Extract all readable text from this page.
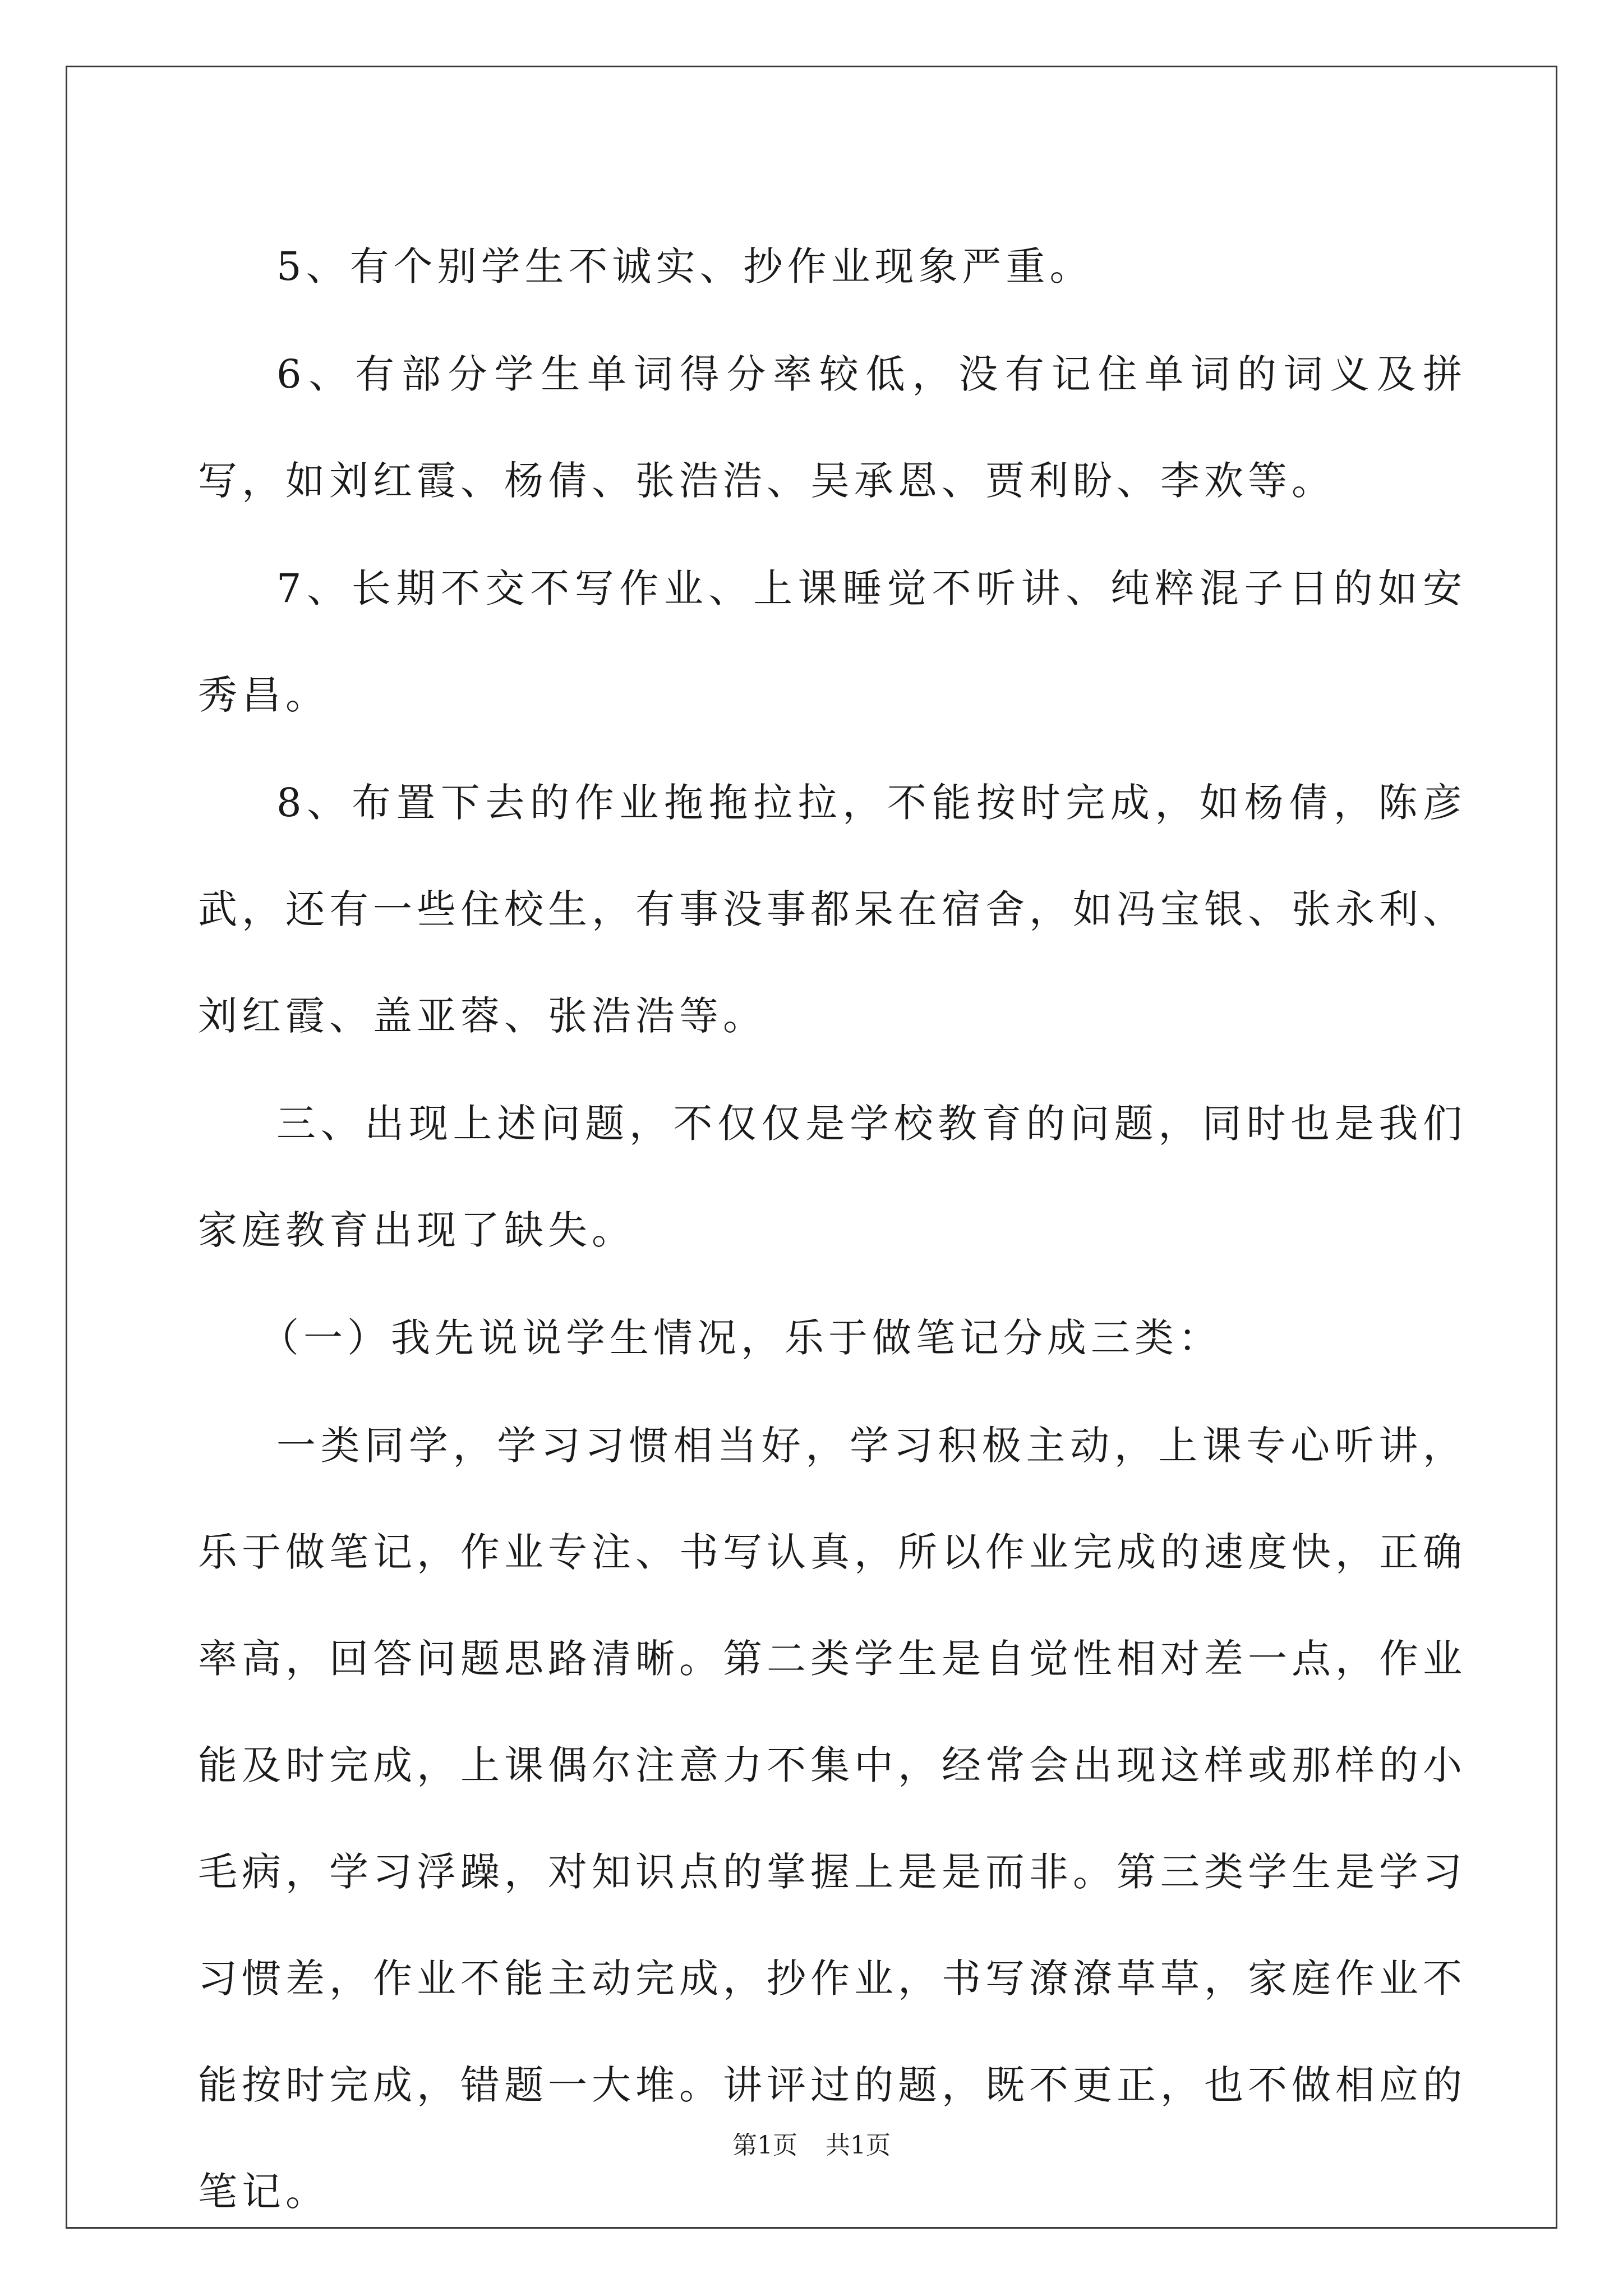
5、有个别学生不诚实、抄作业现象严重。

6、有部分学生单词得分率较低，没有记住单词的词义及拼写，如刘红霞、杨倩、张浩浩、吴承恩、贾利盼、李欢等。

7、长期不交不写作业、上课睡觉不听讲、纯粹混子日的如安秀昌。

8、布置下去的作业拖拖拉拉，不能按时完成，如杨倩，陈彦武，还有一些住校生，有事没事都呆在宿舍，如冯宝银、张永利、刘红霞、盖亚蓉、张浩浩等。

三、出现上述问题，不仅仅是学校教育的问题，同时也是我们家庭教育出现了缺失。

（一）我先说说学生情况，乐于做笔记分成三类：

一类同学，学习习惯相当好，学习积极主动，上课专心听讲，乐于做笔记，作业专注、书写认真，所以作业完成的速度快，正确率高，回答问题思路清晰。第二类学生是自觉性相对差一点，作业能及时完成，上课偶尔注意力不集中，经常会出现这样或那样的小毛病，学习浮躁，对知识点的掌握上是是而非。第三类学生是学习习惯差，作业不能主动完成，抄作业，书写潦潦草草，家庭作业不能按时完成，错题一大堆。讲评过的题，既不更正，也不做相应的笔记。

第1页 共1页
